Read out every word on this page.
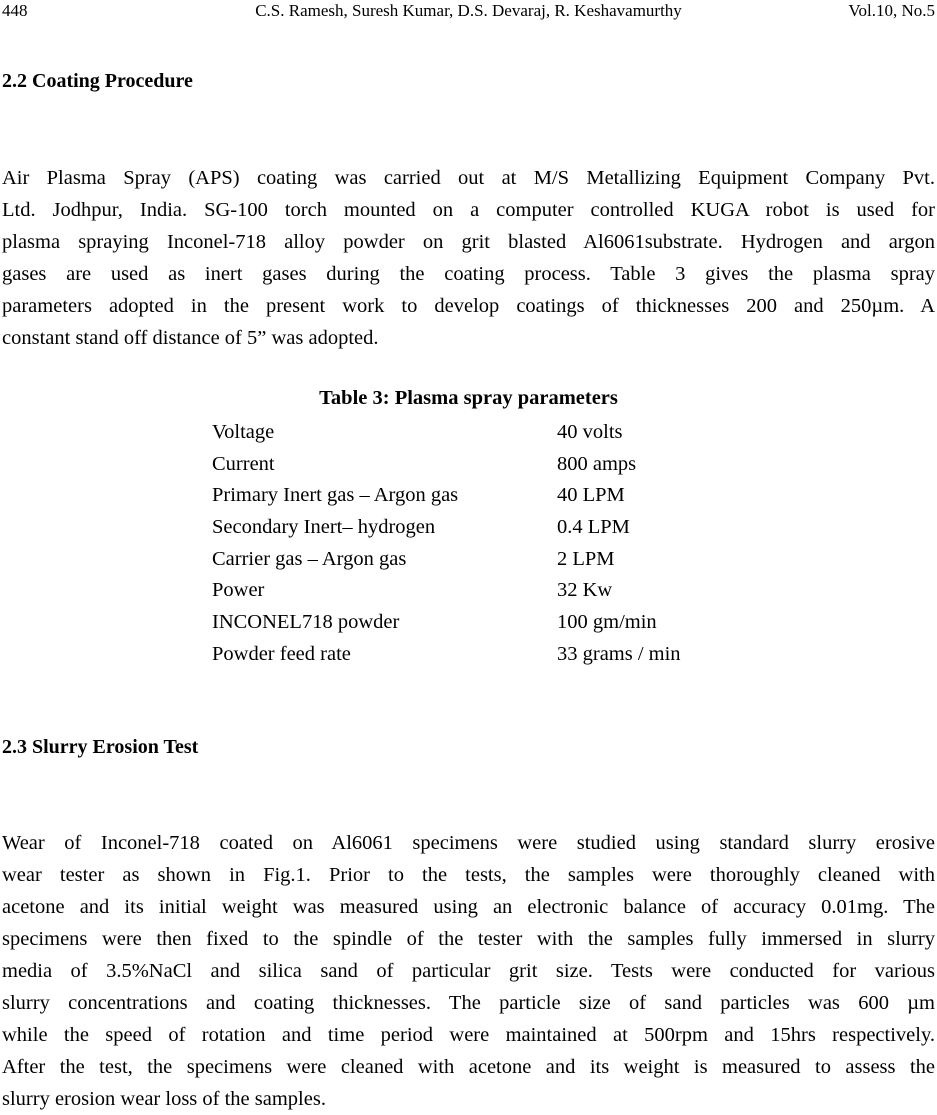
448	C.S. Ramesh, Suresh Kumar, D.S. Devaraj, R. Keshavamurthy	Vol.10, No.5
2.2 Coating Procedure
Air Plasma Spray (APS) coating was carried out at M/S Metallizing Equipment Company Pvt.
Ltd. Jodhpur, India. SG-100 torch mounted on a computer controlled KUGA robot is used for
plasma spraying Inconel-718 alloy powder on grit blasted Al6061substrate. Hydrogen and argon
gases are used as inert gases during the coating process. Table 3 gives the plasma spray
parameters adopted in the present work to develop coatings of thicknesses 200 and 250µm. A
constant stand off distance of 5” was adopted.
Table 3: Plasma spray parameters
Voltage	40 volts
Current	800 amps
Primary Inert gas – Argon gas	40 LPM
Secondary Inert– hydrogen	0.4 LPM
Carrier gas – Argon gas	2 LPM
Power	32 Kw
INCONEL718 powder	100 gm/min
Powder feed rate	33 grams / min
2.3 Slurry Erosion Test
Wear of Inconel-718 coated on Al6061 specimens were studied using standard slurry erosive
wear tester as shown in Fig.1. Prior to the tests, the samples were thoroughly cleaned with
acetone and its initial weight was measured using an electronic balance of accuracy 0.01mg. The
specimens were then fixed to the spindle of the tester with the samples fully immersed in slurry
media of 3.5%NaCl and silica sand of particular grit size. Tests were conducted for various
slurry concentrations and coating thicknesses. The particle size of sand particles was 600 µm
while the speed of rotation and time period were maintained at 500rpm and 15hrs respectively.
After the test, the specimens were cleaned with acetone and its weight is measured to assess the
slurry erosion wear loss of the samples.
